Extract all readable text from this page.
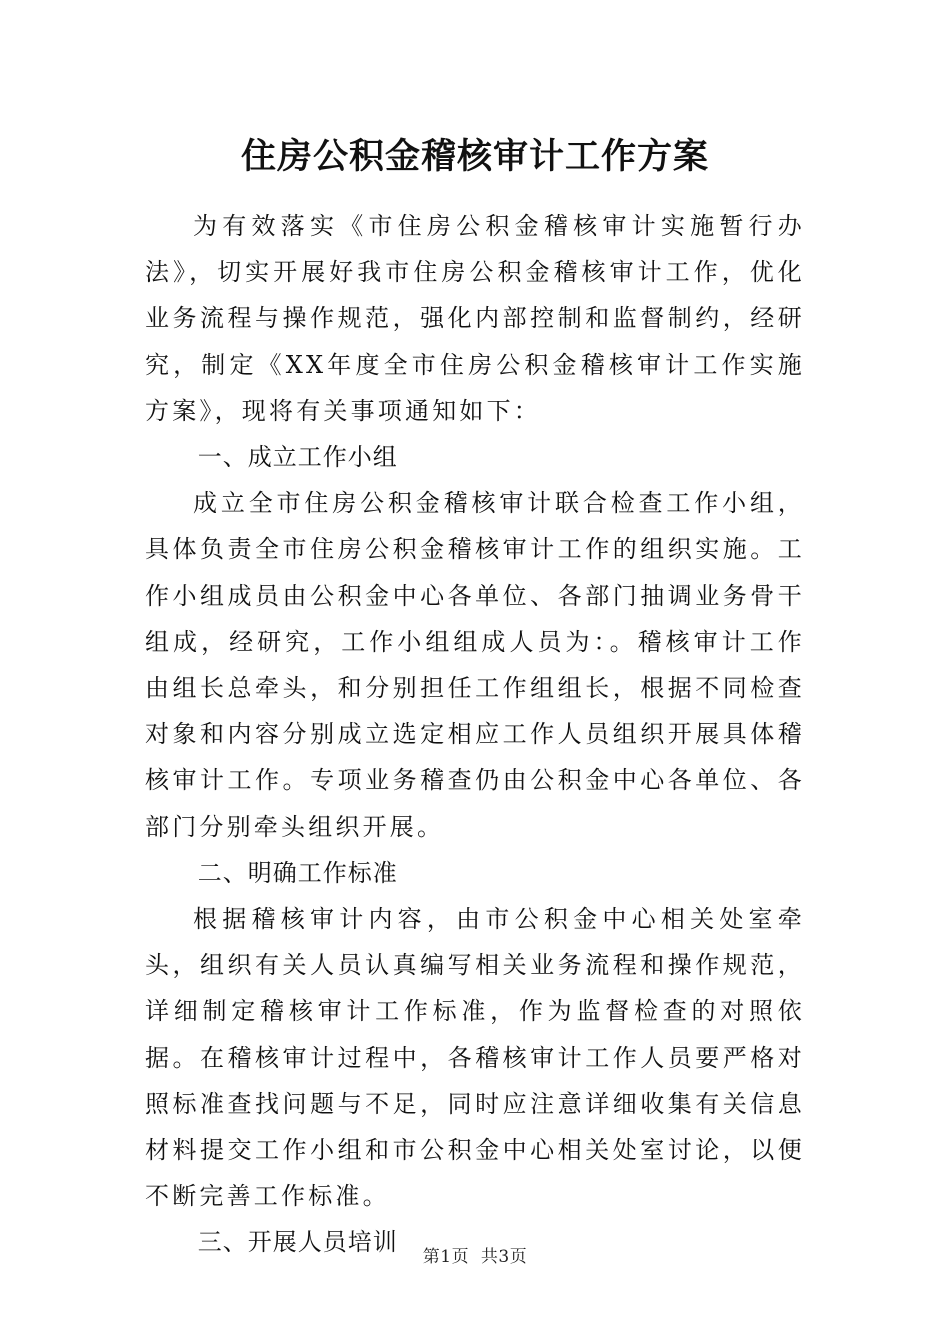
住房公积金稽核审计工作方案

为有效落实《市住房公积金稽核审计实施暂行办法》，切实开展好我市住房公积金稽核审计工作，优化业务流程与操作规范，强化内部控制和监督制约，经研究，制定《XX年度全市住房公积金稽核审计工作实施方案》，现将有关事项通知如下：

一、成立工作小组

成立全市住房公积金稽核审计联合检查工作小组，具体负责全市住房公积金稽核审计工作的组织实施。工作小组成员由公积金中心各单位、各部门抽调业务骨干组成，经研究，工作小组组成人员为：。稽核审计工作由组长总牵头，和分别担任工作组组长，根据不同检查对象和内容分别成立选定相应工作人员组织开展具体稽核审计工作。专项业务稽查仍由公积金中心各单位、各部门分别牵头组织开展。

二、明确工作标准

根据稽核审计内容，由市公积金中心相关处室牵头，组织有关人员认真编写相关业务流程和操作规范，详细制定稽核审计工作标准，作为监督检查的对照依据。在稽核审计过程中，各稽核审计工作人员要严格对照标准查找问题与不足，同时应注意详细收集有关信息材料提交工作小组和市公积金中心相关处室讨论，以便不断完善工作标准。

三、开展人员培训
第1页 共3页
